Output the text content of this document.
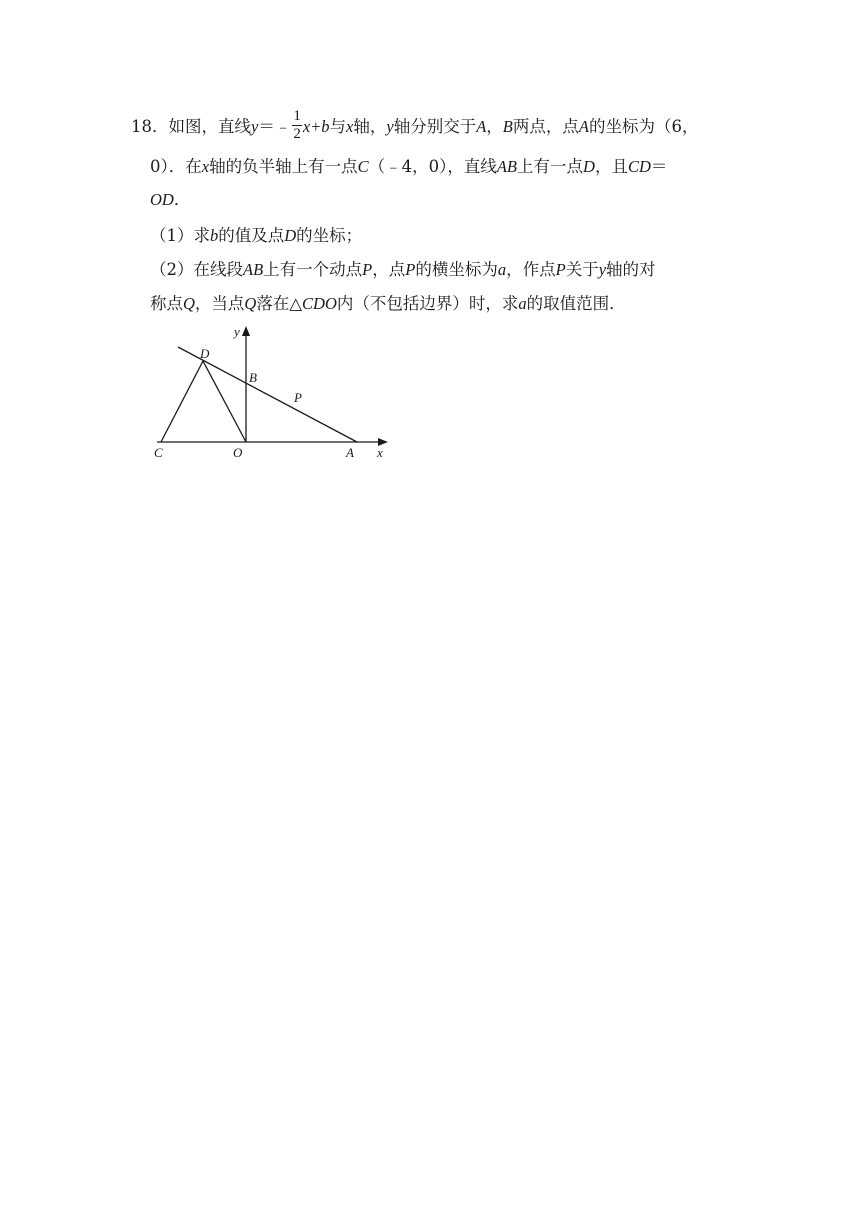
18．如图，直线y＝﹣ $\frac{1}{2} x+b$与x轴，y轴分别交于A，B两点，点A的坐标为（6，
0）．在x轴的负半轴上有一点C（﹣4，0），直线AB上有一点D，且CD＝
OD．
（1）求b的值及点D的坐标；
（2）在线段AB上有一个动点P，点P的横坐标为a，作点P关于y轴的对
称点Q，当点Q落在△CDO内（不包括边界）时，求a的取值范围．
y
x
D
B
P
C	O	A
